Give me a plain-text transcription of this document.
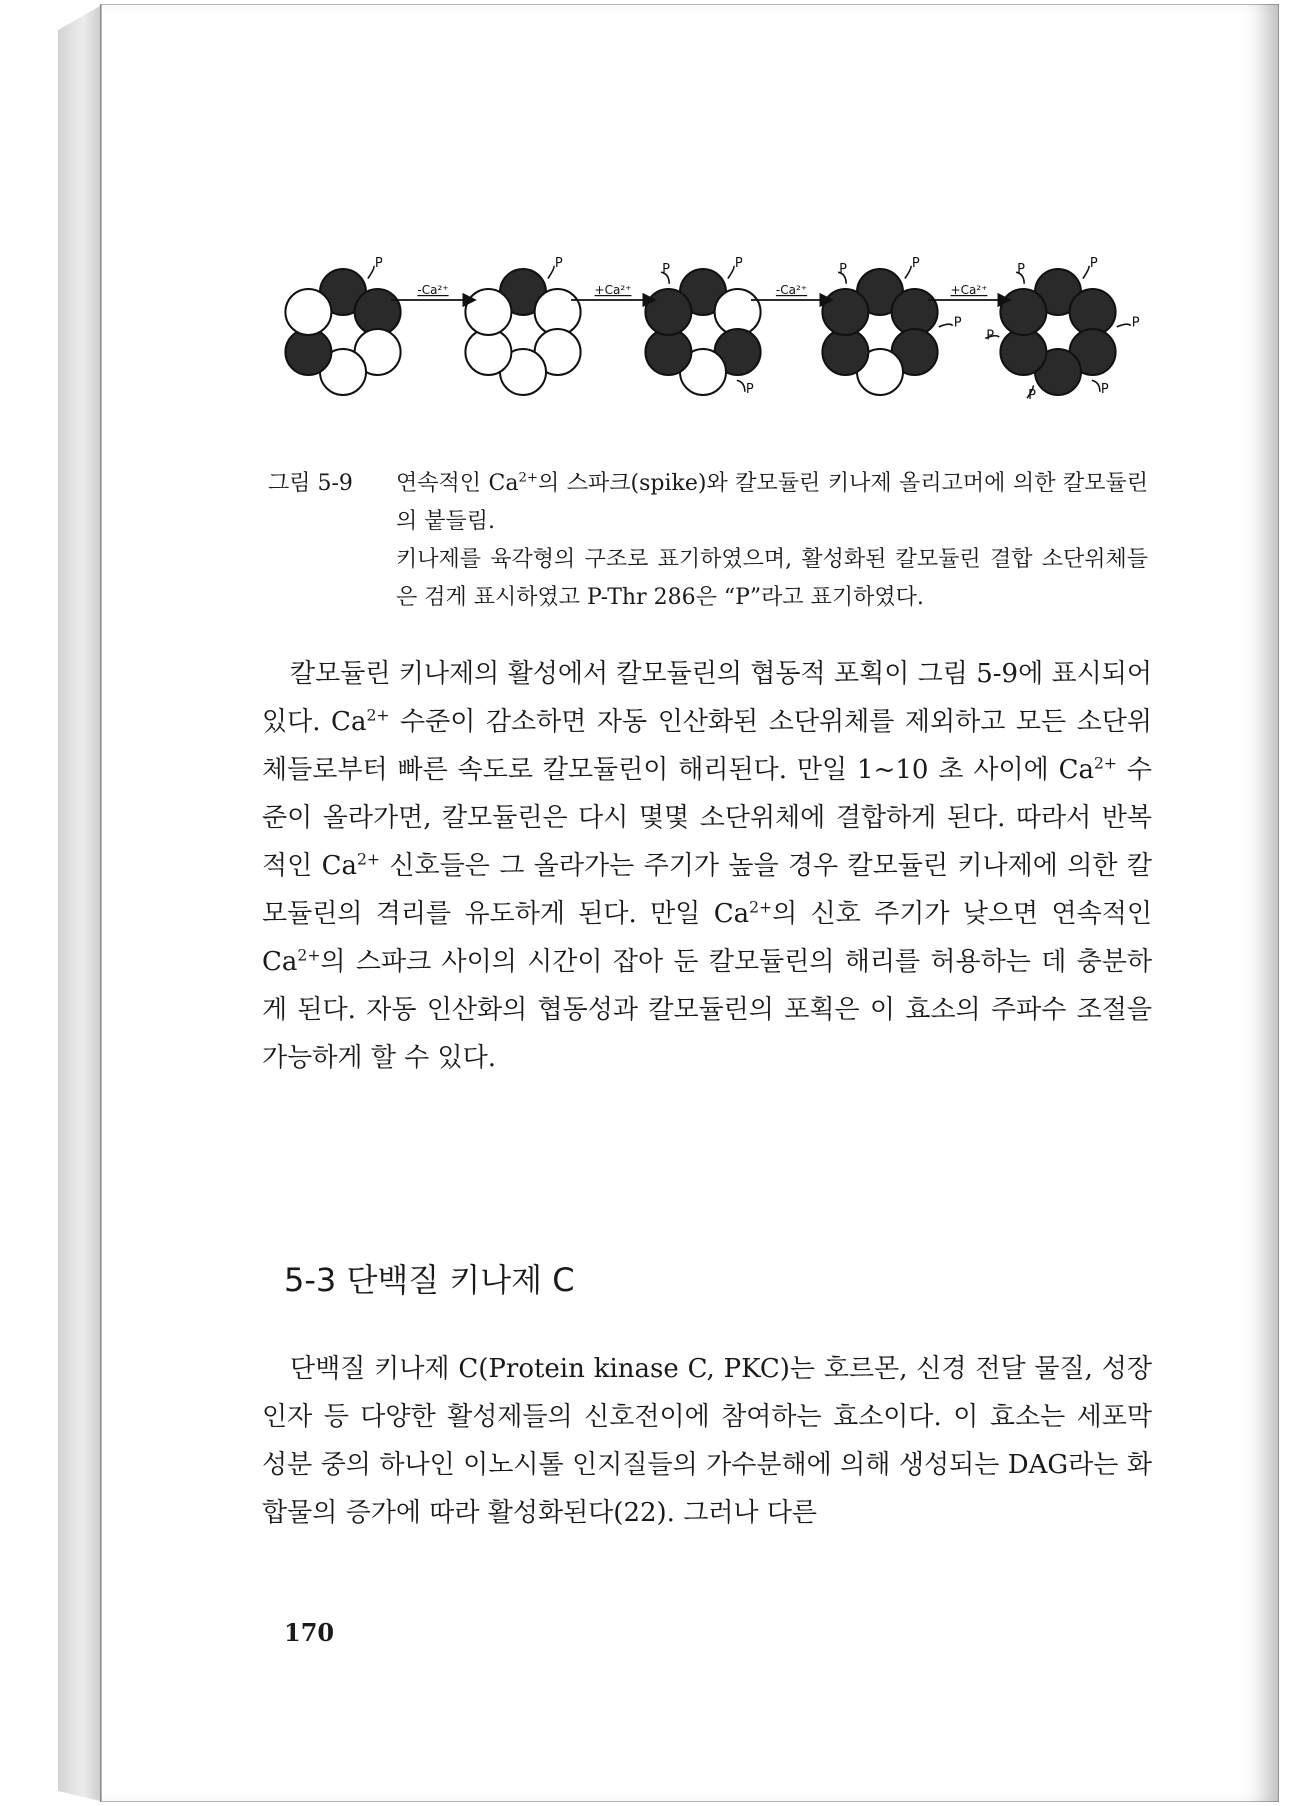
P	P	P
P
P
P
P
P	P
P
P
P
P
P
-Ca²⁺	+Ca²⁺	-Ca²⁺	+Ca²⁺
그림 5-9 연속적인 $Ca^{2+}$의 스파크(spike)와 칼모듈린 키나제 올리고머에 의한 칼모듈린의 붙들림.

키나제를 육각형의 구조로 표기하였으며, 활성화된 칼모듈린 결합 소단위체들은 검게 표시하였고 P-Thr 286은 “P”라고 표기하였다.

칼모듈린 키나제의 활성에서 칼모듈린의 협동적 포획이 그림 5-9에 표시되어 있다. $Ca^{2+}$ 수준이 감소하면 자동 인산화된 소단위체를 제외하고 모든 소단위체들로부터 빠른 속도로 칼모듈린이 해리된다. 만일 1~10 초 사이에 $Ca^{2+}$ 수준이 올라가면, 칼모듈린은 다시 몇몇 소단위체에 결합하게 된다. 따라서 반복적인 $Ca^{2+}$ 신호들은 그 올라가는 주기가 높을 경우 칼모듈린 키나제에 의한 칼모듈린의 격리를 유도하게 된다. 만일 $Ca^{2+}$의 신호 주기가 낮으면 연속적인 $Ca^{2+}$의 스파크 사이의 시간이 잡아 둔 칼모듈린의 해리를 허용하는 데 충분하게 된다. 자동 인산화의 협동성과 칼모듈린의 포획은 이 효소의 주파수 조절을 가능하게 할 수 있다.

5-3 단백질 키나제 C

단백질 키나제 C(Protein kinase C, PKC)는 호르몬, 신경 전달 물질, 성장 인자 등 다양한 활성제들의 신호전이에 참여하는 효소이다. 이 효소는 세포막 성분 중의 하나인 이노시톨 인지질들의 가수분해에 의해 생성되는 DAG라는 화합물의 증가에 따라 활성화된다(22). 그러나 다른

170
